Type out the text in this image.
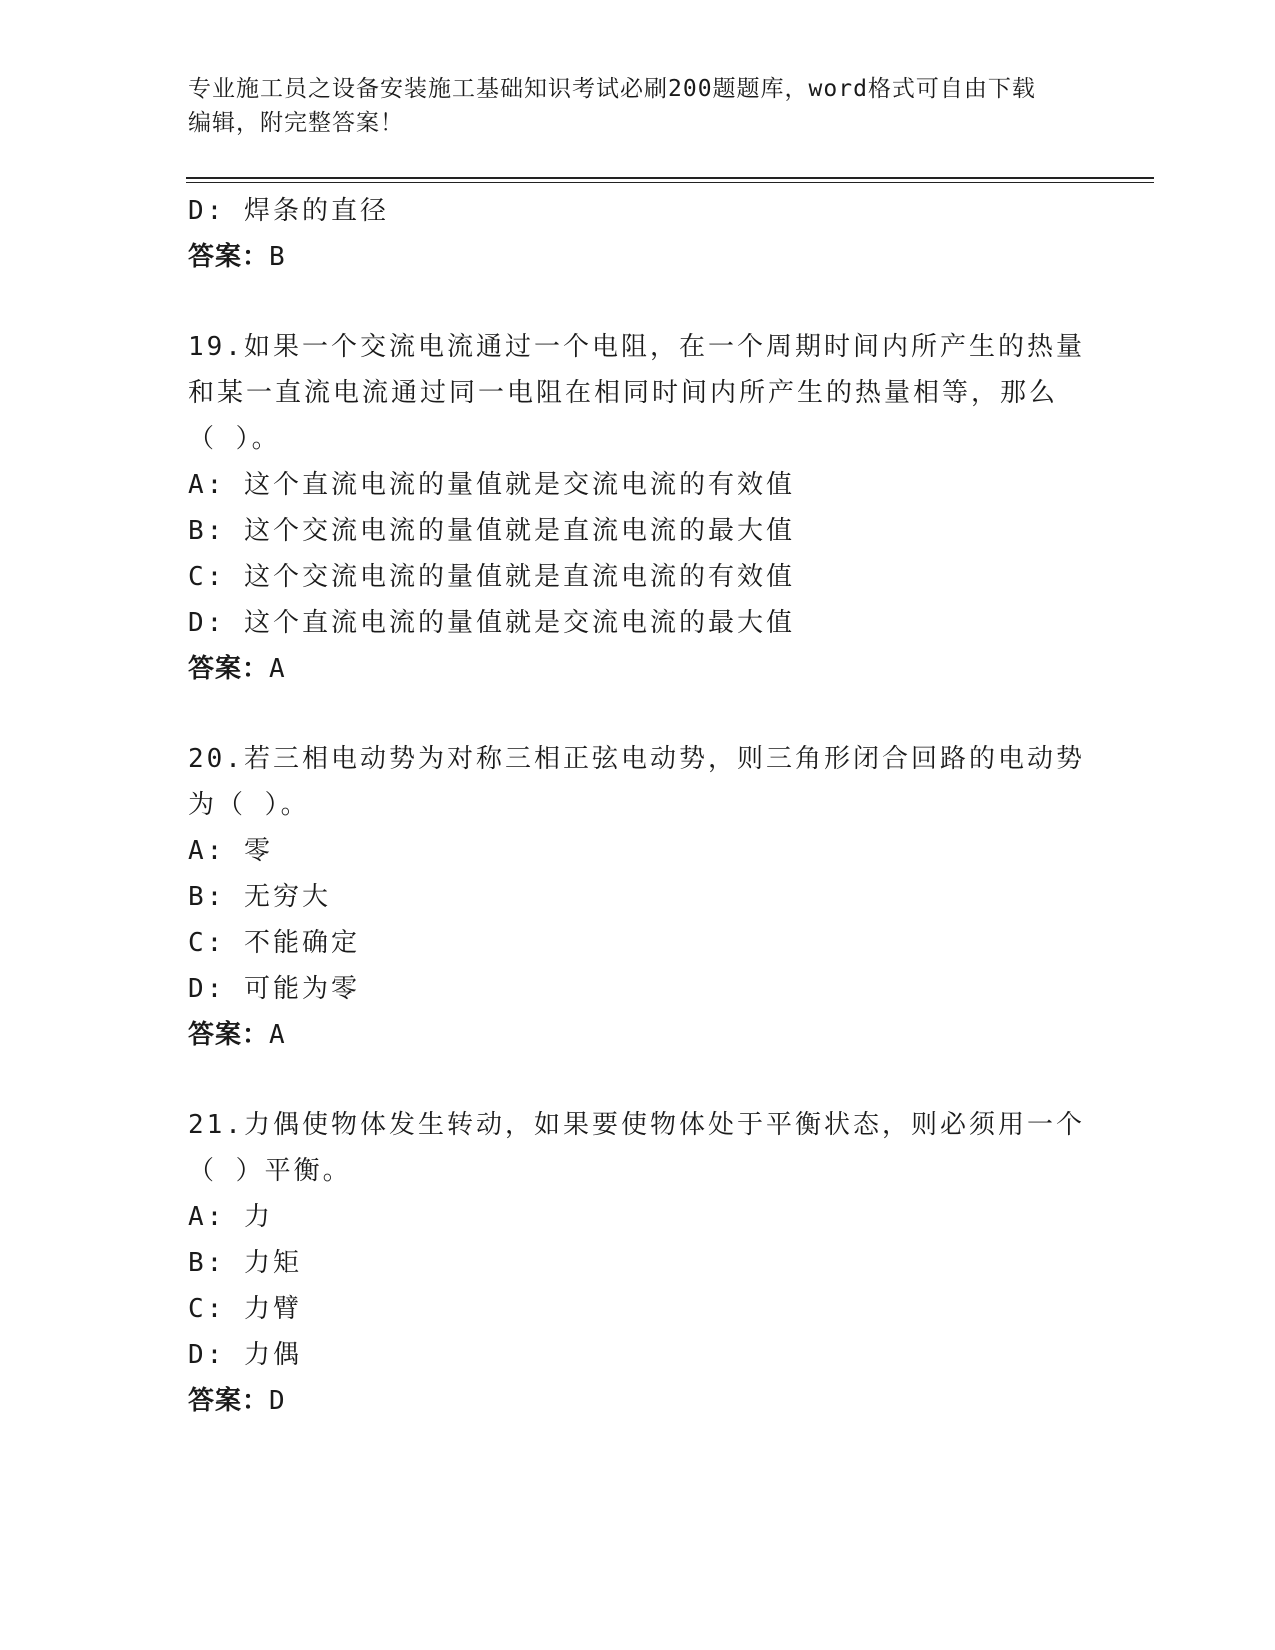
专业施工员之设备安装施工基础知识考试必刷200题题库，word格式可自由下载
编辑，附完整答案！
D: 焊条的直径
答案：B
19.如果一个交流电流通过一个电阻，在一个周期时间内所产生的热量
和某一直流电流通过同一电阻在相同时间内所产生的热量相等，那么
（ ）。
A: 这个直流电流的量值就是交流电流的有效值
B: 这个交流电流的量值就是直流电流的最大值
C: 这个交流电流的量值就是直流电流的有效值
D: 这个直流电流的量值就是交流电流的最大值
答案：A
20.若三相电动势为对称三相正弦电动势，则三角形闭合回路的电动势
为（ ）。
A: 零
B: 无穷大
C: 不能确定
D: 可能为零
答案：A
21.力偶使物体发生转动，如果要使物体处于平衡状态，则必须用一个
（ ）平衡。
A: 力
B: 力矩
C: 力臂
D: 力偶
答案：D
